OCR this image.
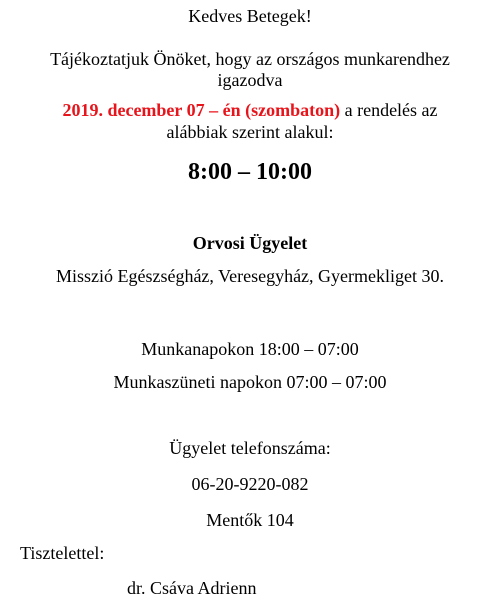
Kedves Betegek!
Tájékoztatjuk Önöket, hogy az országos munkarendhez
igazodva
2019. december 07 – én (szombaton) a rendelés az
alábbiak szerint alakul:
8:00 – 10:00
Orvosi Ügyelet
Misszió Egészségház, Veresegyház, Gyermekliget 30.
Munkanapokon 18:00 – 07:00
Munkaszüneti napokon 07:00 – 07:00
Ügyelet telefonszáma:
06-20-9220-082
Mentők 104
Tisztelettel:
dr. Csáva Adrienn
